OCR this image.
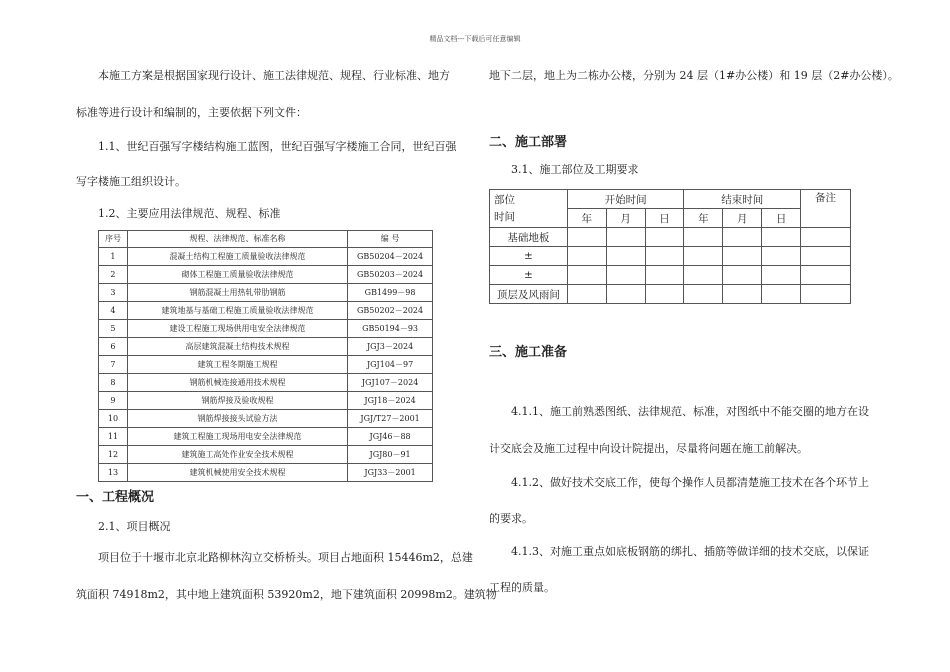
精品文档---下载后可任意编辑
本施工方案是根据国家现行设计、施工法律规范、规程、行业标准、地方
标准等进行设计和编制的，主要依据下列文件：
1.1、世纪百强写字楼结构施工蓝图，世纪百强写字楼施工合同，世纪百强
写字楼施工组织设计。
1.2、主要应用法律规范、规程、标准
序号	规程、法律规范、标准名称	编 号
1	混凝土结构工程施工质量验收法律规范	GB50204－2024
2	砌体工程施工质量验收法律规范	GB50203－2024
3	钢筋混凝土用热轧带肋钢筋	GB1499－98
4	建筑地基与基础工程施工质量验收法律规范	GB50202－2024
5	建设工程施工现场供用电安全法律规范	GB50194－93
6	高层建筑混凝土结构技术规程	JGJ3－2024
7	建筑工程冬期施工规程	JGJ104－97
8	钢筋机械连接通用技术规程	JGJ107－2024
9	钢筋焊接及验收规程	JGJ18－2024
10	钢筋焊接接头试验方法	JGJ/T27－2001
11	建筑工程施工现场用电安全法律规范	JGJ46－88
12	建筑施工高处作业安全技术规程	JGJ80－91
13	建筑机械使用安全技术规程	JGJ33－2001
一、工程概况
2.1、项目概况
项目位于十堰市北京北路柳林沟立交桥桥头。项目占地面积 15446m2，总建
筑面积 74918m2，其中地上建筑面积 53920m2，地下建筑面积 20998m2。建筑物
地下二层，地上为二栋办公楼，分别为 24 层（1#办公楼）和 19 层（2#办公楼）。
二、施工部署
3.1、施工部位及工期要求
部位
时间	开始时间			结束时间			备注
	年	月	日	年	月	日	
基础地板							
±							
±							
顶层及风雨间							
三、施工准备
4.1.1、施工前熟悉图纸、法律规范、标准，对图纸中不能交圈的地方在设
计交底会及施工过程中向设计院提出，尽量将问题在施工前解决。
4.1.2、做好技术交底工作，使每个操作人员都清楚施工技术在各个环节上
的要求。
4.1.3、对施工重点如底板钢筋的绑扎、插筋等做详细的技术交底，以保证
工程的质量。
